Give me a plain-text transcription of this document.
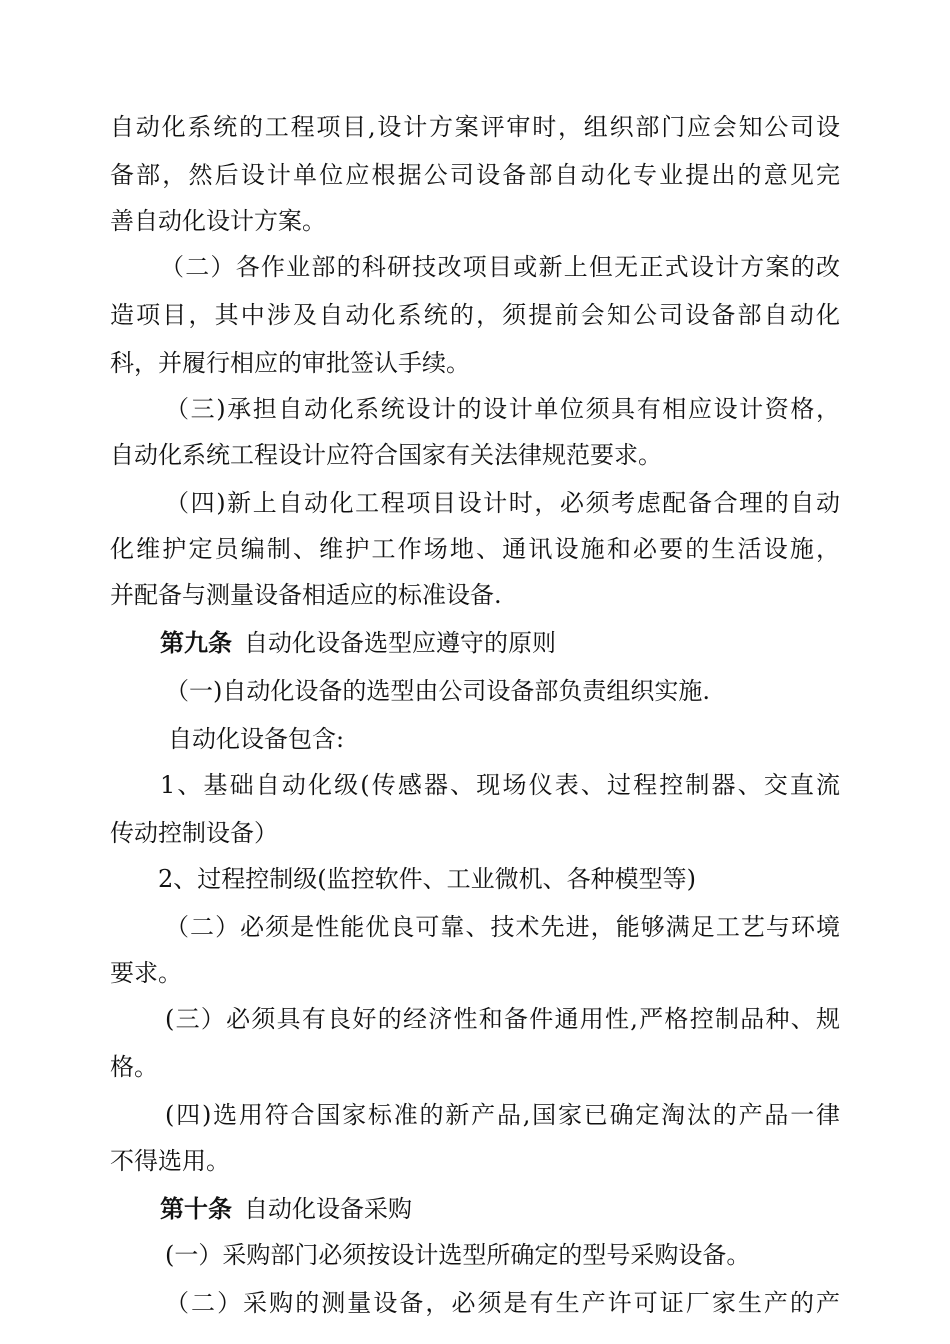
自动化系统的工程项目,设计方案评审时，组织部门应会知公司设
备部，然后设计单位应根据公司设备部自动化专业提出的意见完
善自动化设计方案。
（二）各作业部的科研技改项目或新上但无正式设计方案的改
造项目，其中涉及自动化系统的，须提前会知公司设备部自动化
科，并履行相应的审批签认手续。
（三)承担自动化系统设计的设计单位须具有相应设计资格，
自动化系统工程设计应符合国家有关法律规范要求。
（四)新上自动化工程项目设计时，必须考虑配备合理的自动
化维护定员编制、维护工作场地、通讯设施和必要的生活设施，
并配备与测量设备相适应的标准设备.
第九条 自动化设备选型应遵守的原则
（一)自动化设备的选型由公司设备部负责组织实施.
自动化设备包含:
1、基础自动化级(传感器、现场仪表、过程控制器、交直流
传动控制设备）
2、过程控制级(监控软件、工业微机、各种模型等)
（二）必须是性能优良可靠、技术先进，能够满足工艺与环境
要求。
(三）必须具有良好的经济性和备件通用性,严格控制品种、规
格。
(四)选用符合国家标准的新产品,国家已确定淘汰的产品一律
不得选用。
第十条 自动化设备采购
(一）采购部门必须按设计选型所确定的型号采购设备。
（二）采购的测量设备，必须是有生产许可证厂家生产的产
